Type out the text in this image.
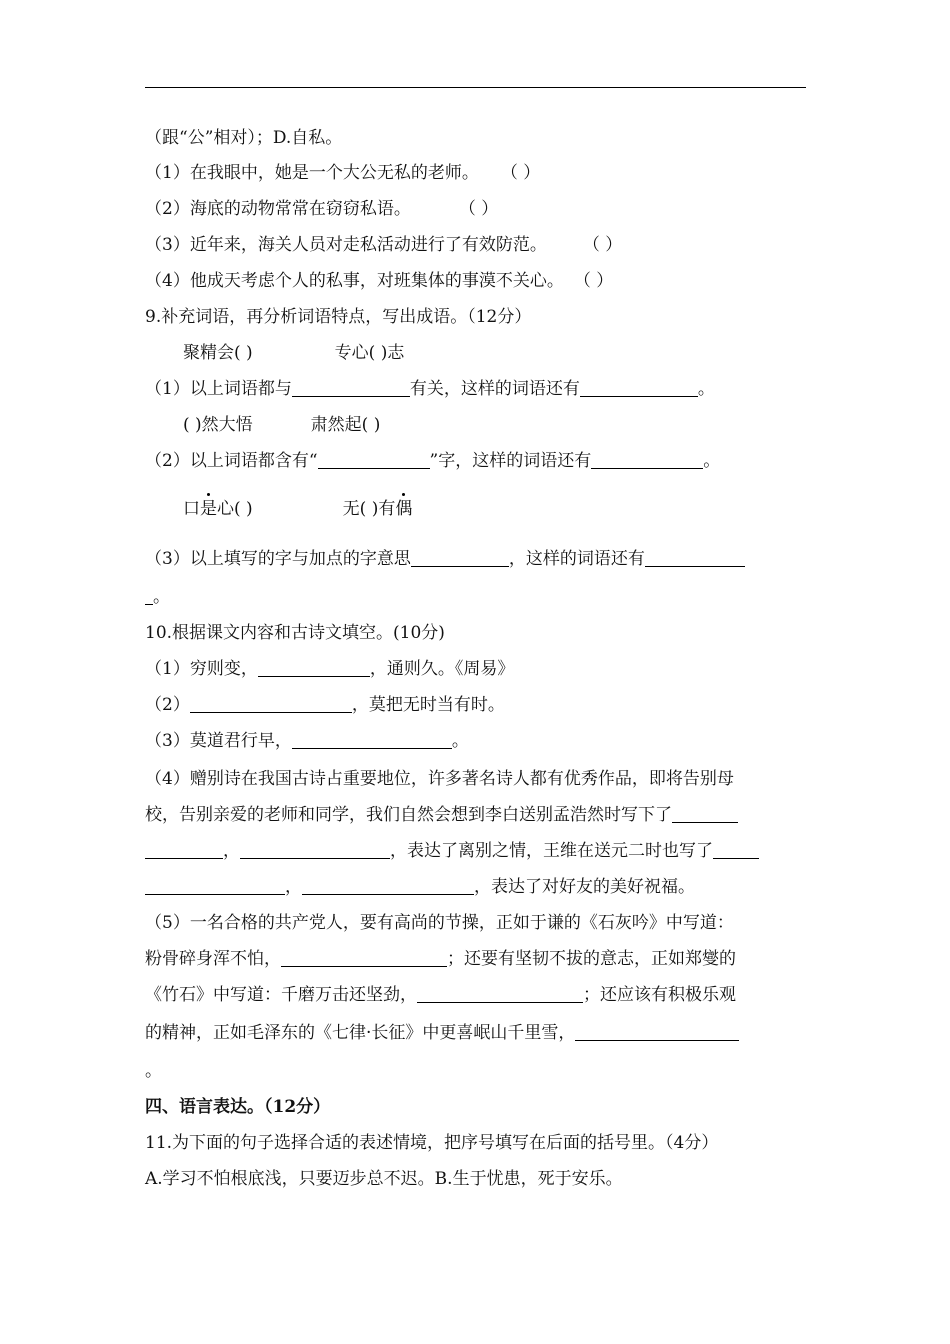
（跟“公”相对）；D.自私。
（1）在我眼中，她是一个大公无私的老师。 （ ）
（2）海底的动物常常在窃窃私语。	（ ）
（3）近年来，海关人员对走私活动进行了有效防范。 （ ）
（4）他成天考虑个人的私事，对班集体的事漠不关心。 （ ）
9.补充词语，再分析词语特点，写出成语。（12分）
聚精会( )	专心( )志
（1）以上词语都与	有关，这样的词语还有	。
( )然大悟	肃然起( )
（2）以上词语都含有“	”字，这样的词语还有	。
口是心( )	无( )有偶
（3）以上填写的字与加点的字意思	，这样的词语还有
。
10.根据课文内容和古诗文填空。(10分)
（1）穷则变，	，通则久。《周易》
（2）	，莫把无时当有时。
（3）莫道君行早，	。
（4）赠别诗在我国古诗占重要地位，许多著名诗人都有优秀作品，即将告别母
校，告别亲爱的老师和同学，我们自然会想到李白送别孟浩然时写下了
，	，表达了离别之情，王维在送元二时也写了
，	，表达了对好友的美好祝福。
（5）一名合格的共产党人，要有高尚的节操，正如于谦的《石灰吟》中写道：
粉骨碎身浑不怕，	；还要有坚韧不拔的意志，正如郑燮的
《竹石》中写道：千磨万击还坚劲，	；还应该有积极乐观
的精神，正如毛泽东的《七律·长征》中更喜岷山千里雪，
。
四、语言表达。（12分）
11.为下面的句子选择合适的表述情境，把序号填写在后面的括号里。（4分）
A.学习不怕根底浅，只要迈步总不迟。B.生于忧患，死于安乐。
